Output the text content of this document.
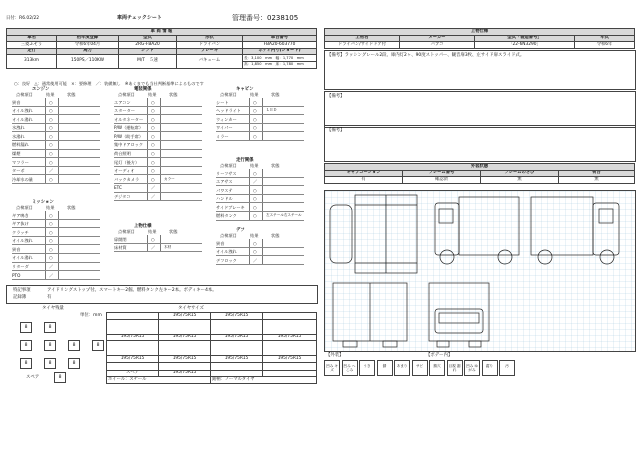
日付：R6.02/22	車両チェックシート	管理番号：0238105
車 両 情 報				
車名	初年度登録	型式	形状	車台番号
三菱ふそう	令和6年04月	2RG-FBA20	ドライバン	FBA20-603770
走行	馬力	シフト	ブレーキ	ボディ内寸(ショート)
313km	150PS／110KW	M/T　５速	バキューム	長：3,100　mm　幅：1,770　mm
				高：1,850　mm　床：1,780　mm
上物仕様			
上物名	メーカー	型式「製造番号」	年式
ドライバン/サイドドア付	パブコ	「22-6N3290」	令和6年
【備考】ラッシングレール2段、庫内灯2ヶ、90度ストッパー、観音扉3枚、左サイド扉スライド式。
○：良好　△：通常使用可能　×：要修理　／：装備無し　※あくまでも当社判断基準によるものです
エンジン
点検項目	結果	状態
異音	○
オイル洩れ	○
オイル滲れ	○
水洩れ	○
水滲れ	○
燃料漏れ	○
煤煙	○
マフラー	○
ターボ	／
冷却水の量	○
ミッション
点検項目	結果	状態
ギア鳴き	○
ギア抜け	○
クラッチ	○
オイル洩れ	○
異音	○
オイル滲れ	○
リターダ	／
PTO	／
電装関係
点検項目	結果	状態
エアコン	○
スターター	○
オルタネーター ○
P/W（運転席） ○
P/W（助手席） ○
集中ドアロック ○
荷台照明	○
尾灯（後方）	○
オーディオ	○
バックカメラ	○	カラー
ETC	／
デジタコ	／
上物仕様
点検項目	結果	状態
扉開閉	○
床材質	／ 木材
キャビン
点検項目	結果	状態
シート	○
ヘッドライト	○	ＬＥＤ
ウィンカー	○
ワイパー	○
ミラー	○
走行関係
点検項目	結果	状態
リーフサス	○
エアサス	／
パワステ	○
ハンドル	○
サイドブレーキ ○
燃料タンク	○	左スチール右スチール
デフ
点検項目	結果	状態
異音	○
オイル洩れ	○
デフロック	／
特記事項	アイドリングストップ付。スマートキー2個。燃料タンク左キー2本。ボディキー4本。
記録簿	有
【備考】
【備考】
外装状態			
キャブコーション	フレーム番号	フレームのさび	荷台
有	確認済	無	無
【外装】	【ボデー内】
凹み キズ
凹み へこみ
うき	錆	あまり	サビ	錆穴	目視 割れ
凹み ゆがみ
腐り	汚
タイヤ残量
単位：mm
タイヤサイズ
8	8
8	8	8	8
8	8	8
スペア	8
	195/75R15	195/75R15	

195/75R15	195/75R15	195/75R15	195/75R15

195/75R15	195/75R15	195/75R15	195/75R15

スペア	195/75R15		
ホイール：スチール		銘柄：ノーマルタイヤ	
